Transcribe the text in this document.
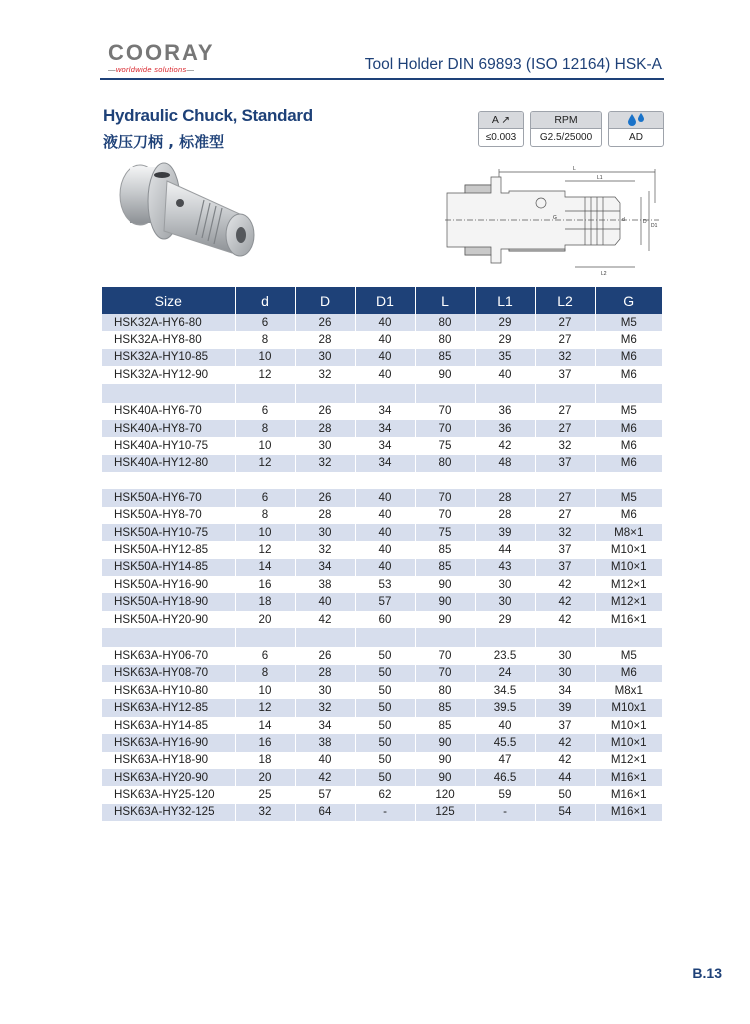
COORAY
—worldwide solutions—	Tool Holder DIN 69893 (ISO 12164) HSK-A
Hydraulic Chuck, Standard
液压刀柄 , 标准型
A ↗
≤0.003
RPM
G2.5/25000	AD
L
L1
L2
D
D1
d
G
Size	d	D	D1	L	L1	L2	G
HSK32A-HY6-80	6	26	40	80	29	27	M5
HSK32A-HY8-80	8	28	40	80	29	27	M6
HSK32A-HY10-85	10	30	40	85	35	32	M6
HSK32A-HY12-90	12	32	40	90	40	37	M6

HSK40A-HY6-70	6	26	34	70	36	27	M5
HSK40A-HY8-70	8	28	34	70	36	27	M6
HSK40A-HY10-75	10	30	34	75	42	32	M6
HSK40A-HY12-80	12	32	34	80	48	37	M6

HSK50A-HY6-70	6	26	40	70	28	27	M5
HSK50A-HY8-70	8	28	40	70	28	27	M6
HSK50A-HY10-75	10	30	40	75	39	32	M8×1
HSK50A-HY12-85	12	32	40	85	44	37	M10×1
HSK50A-HY14-85	14	34	40	85	43	37	M10×1
HSK50A-HY16-90	16	38	53	90	30	42	M12×1
HSK50A-HY18-90	18	40	57	90	30	42	M12×1
HSK50A-HY20-90	20	42	60	90	29	42	M16×1

HSK63A-HY06-70	6	26	50	70	23.5	30	M5
HSK63A-HY08-70	8	28	50	70	24	30	M6
HSK63A-HY10-80	10	30	50	80	34.5	34	M8x1
HSK63A-HY12-85	12	32	50	85	39.5	39	M10x1
HSK63A-HY14-85	14	34	50	85	40	37	M10×1
HSK63A-HY16-90	16	38	50	90	45.5	42	M10×1
HSK63A-HY18-90	18	40	50	90	47	42	M12×1
HSK63A-HY20-90	20	42	50	90	46.5	44	M16×1
HSK63A-HY25-120	25	57	62	120	59	50	M16×1
HSK63A-HY32-125	32	64	-	125	-	54	M16×1
B.13
